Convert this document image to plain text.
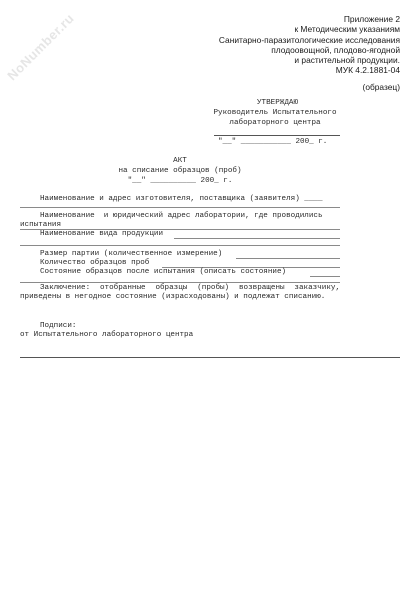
NoNumber.ru	Приложение 2
к Методическим указаниям
Санитарно-паразитологические исследования
плодоовощной, плодово-ягодной
и растительной продукции.
МУК 4.2.1881-04
(образец)
УТВЕРЖДАЮ
Руководитель Испытательного
лабораторного центра
"__" ___________ 200_ г.
АКТ
на списание образцов (проб)
"__" __________ 200_ г.
Наименование и адрес изготовителя, поставщика (заявителя) ____
Наименование  и юридический адрес лаборатории, где проводились
испытания
Наименование вида продукции
Размер партии (количественное измерение)
Количество образцов проб
Состояние образцов после испытания (описать состояние)
Заключение: отобранные образцы (пробы) возвращены заказчику, приведены в негодное состояние (израсходованы) и подлежат списанию.
Подписи:
от Испытательного лабораторного центра
